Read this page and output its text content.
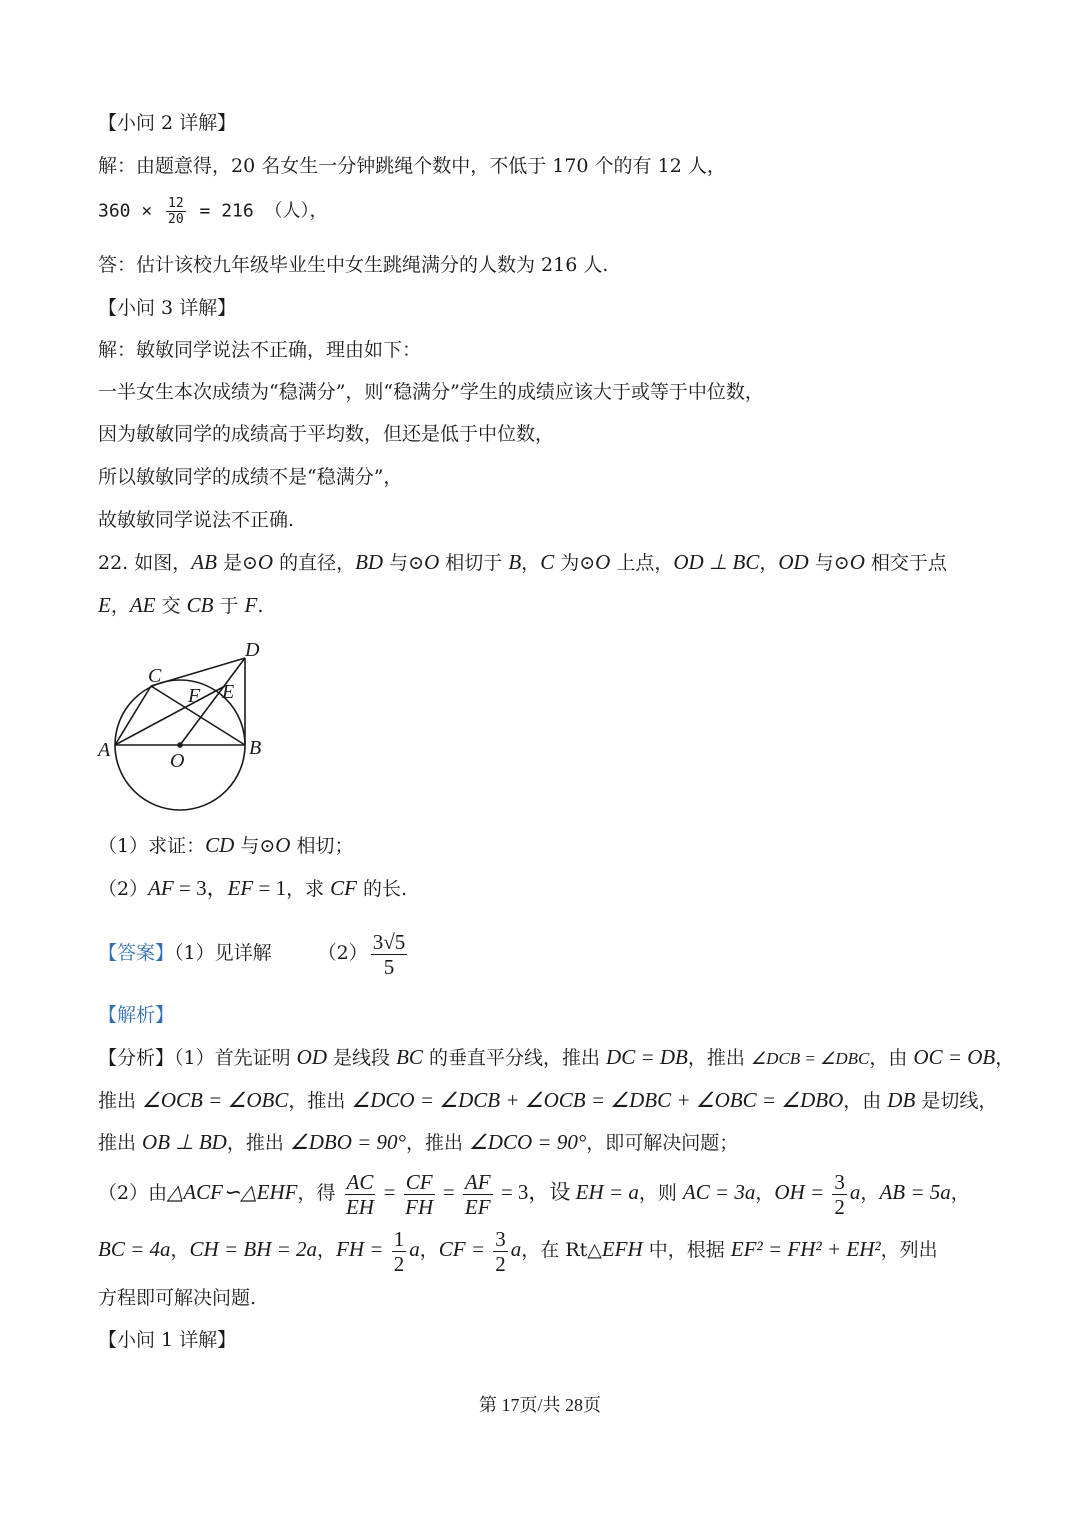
【小问 2 详解】
解：由题意得，20 名女生一分钟跳绳个数中，不低于 170 个的有 12 人，
$360 \times \frac{12}{20} = 216$ （人），
答：估计该校九年级毕业生中女生跳绳满分的人数为 216 人.
【小问 3 详解】
解：敏敏同学说法不正确，理由如下：
一半女生本次成绩为“稳满分”，则“稳满分”学生的成绩应该大于或等于中位数，
因为敏敏同学的成绩高于平均数，但还是低于中位数，
所以敏敏同学的成绩不是“稳满分”，
故敏敏同学说法不正确.
22. 如图，AB 是⊙O 的直径，BD 与⊙O 相切于 B，C 为⊙O 上点，OD ⊥ BC，OD 与⊙O 相交于点
E，AE 交 CB 于 F.
A	B
C
D
E
F
O
（1）求证：CD 与⊙O 相切；
（2）AF = 3，EF = 1，求 CF 的长.
【答案】（1）见详解 $(2) \frac{3√5}{5}$
【解析】
【分析】（1）首先证明 OD 是线段 BC 的垂直平分线，推出 DC = DB，推出 ∠DCB = ∠DBC，由 OC = OB，
推出 ∠OCB = ∠OBC，推出 ∠DCO = ∠DCB + ∠OCB = ∠DBC + ∠OBC = ∠DBO，由 DB 是切线，
推出 OB ⊥ BD，推出 ∠DBO = 90°，推出 ∠DCO = 90°，即可解决问题；
（2）由△ACF∽△EHF，得 $\frac{AC}{EH} = \frac{CF}{FH} = \frac{AF}{EF} = 3$，设 EH = a，则 AC = 3a，OH = $\frac{3}{2}$ a，AB = 5a，
BC = 4a，CH = BH = 2a，FH = $\frac{1}{2}$ a，CF = $\frac{3}{2}$ a，在 Rt△EFH 中，根据 EF² = FH² + EH²，列出
方程即可解决问题.
【小问 1 详解】
第 17页/共 28页
